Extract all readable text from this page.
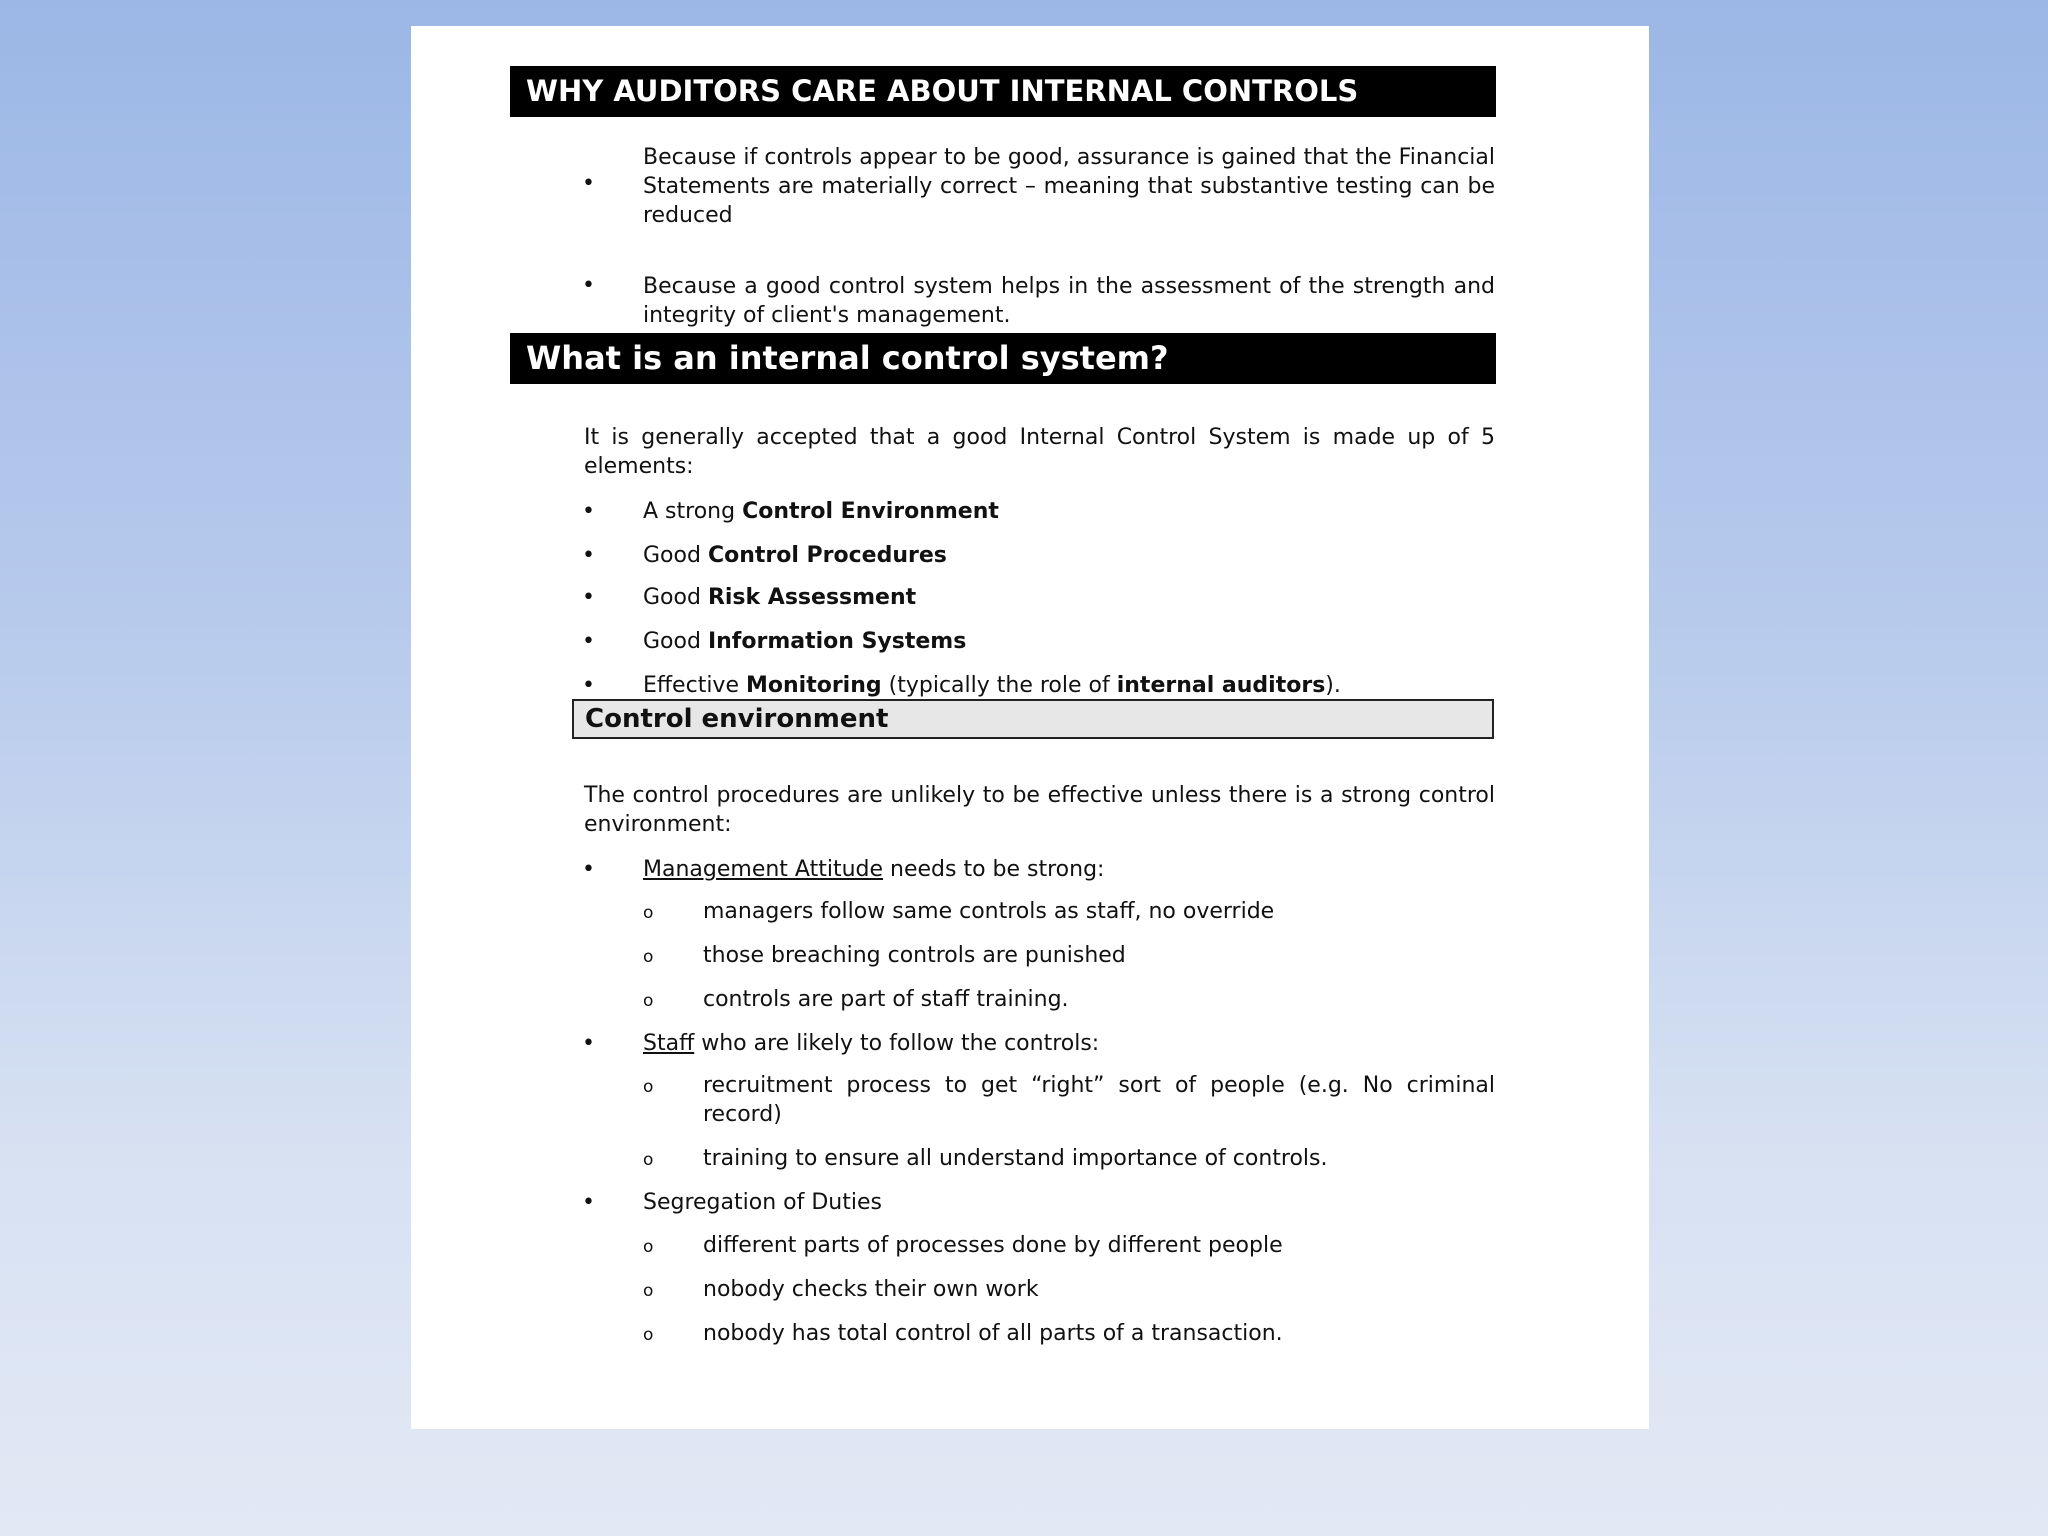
WHY AUDITORS CARE ABOUT INTERNAL CONTROLS
•
Because if controls appear to be good, assurance is gained that the Financial Statements are materially correct – meaning that substantive testing can be reduced
• Because a good control system helps in the assessment of the strength and integrity of client's management.
What is an internal control system?
It is generally accepted that a good Internal Control System is made up of 5 elements:
• A strong Control Environment
• Good Control Procedures
• Good Risk Assessment
• Good Information Systems
• Effective Monitoring (typically the role of internal auditors).
Control environment
The control procedures are unlikely to be effective unless there is a strong control environment:
• Management Attitude needs to be strong:
o managers follow same controls as staff, no override
o those breaching controls are punished
o controls are part of staff training.
• Staff who are likely to follow the controls:
o recruitment process to get “right” sort of people (e.g. No criminal record)
o training to ensure all understand importance of controls.
• Segregation of Duties
o different parts of processes done by different people
o nobody checks their own work
o nobody has total control of all parts of a transaction.
